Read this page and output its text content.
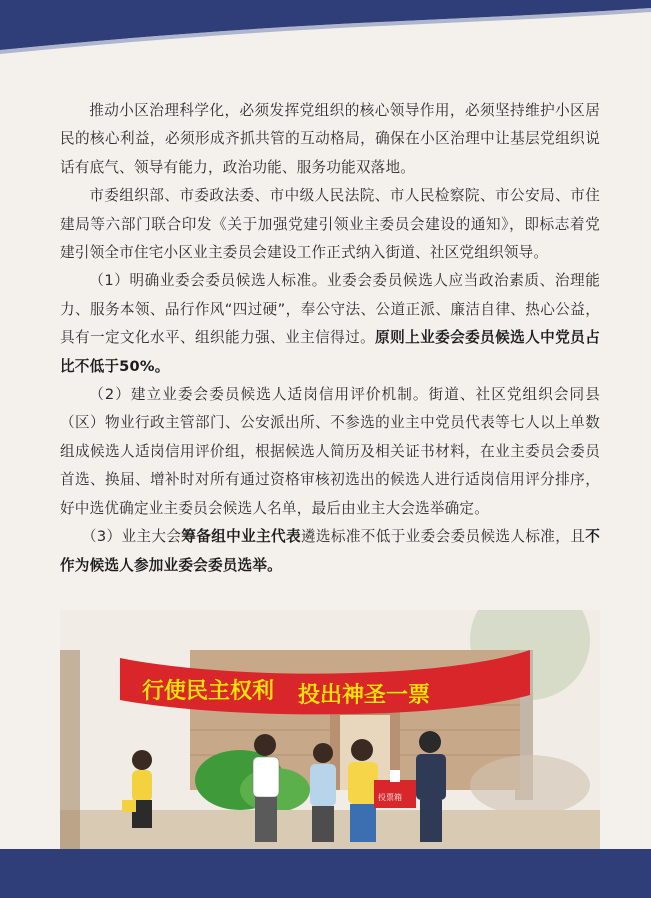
推动小区治理科学化，必须发挥党组织的核心领导作用，必须坚持维护小区居民的核心利益，必须形成齐抓共管的互动格局，确保在小区治理中让基层党组织说话有底气、领导有能力，政治功能、服务功能双落地。

市委组织部、市委政法委、市中级人民法院、市人民检察院、市公安局、市住建局等六部门联合印发《关于加强党建引领业主委员会建设的通知》，即标志着党建引领全市住宅小区业主委员会建设工作正式纳入街道、社区党组织领导。

（1）明确业委会委员候选人标准。业委会委员候选人应当政治素质、治理能力、服务本领、品行作风“四过硬”，奉公守法、公道正派、廉洁自律、热心公益，具有一定文化水平、组织能力强、业主信得过。原则上业委会委员候选人中党员占比不低于50%。

（2）建立业委会委员候选人适岗信用评价机制。街道、社区党组织会同县（区）物业行政主管部门、公安派出所、不参选的业主中党员代表等七人以上单数组成候选人适岗信用评价组，根据候选人简历及相关证书材料，在业主委员会委员首选、换届、增补时对所有通过资格审核初选出的候选人进行适岗信用评分排序，好中选优确定业主委员会候选人名单，最后由业主大会选举确定。

（3）业主大会筹备组中业主代表遴选标准不低于业委会委员候选人标准，且不作为候选人参加业委会委员选举。

行使民主权利 投出神圣一票
投票箱
